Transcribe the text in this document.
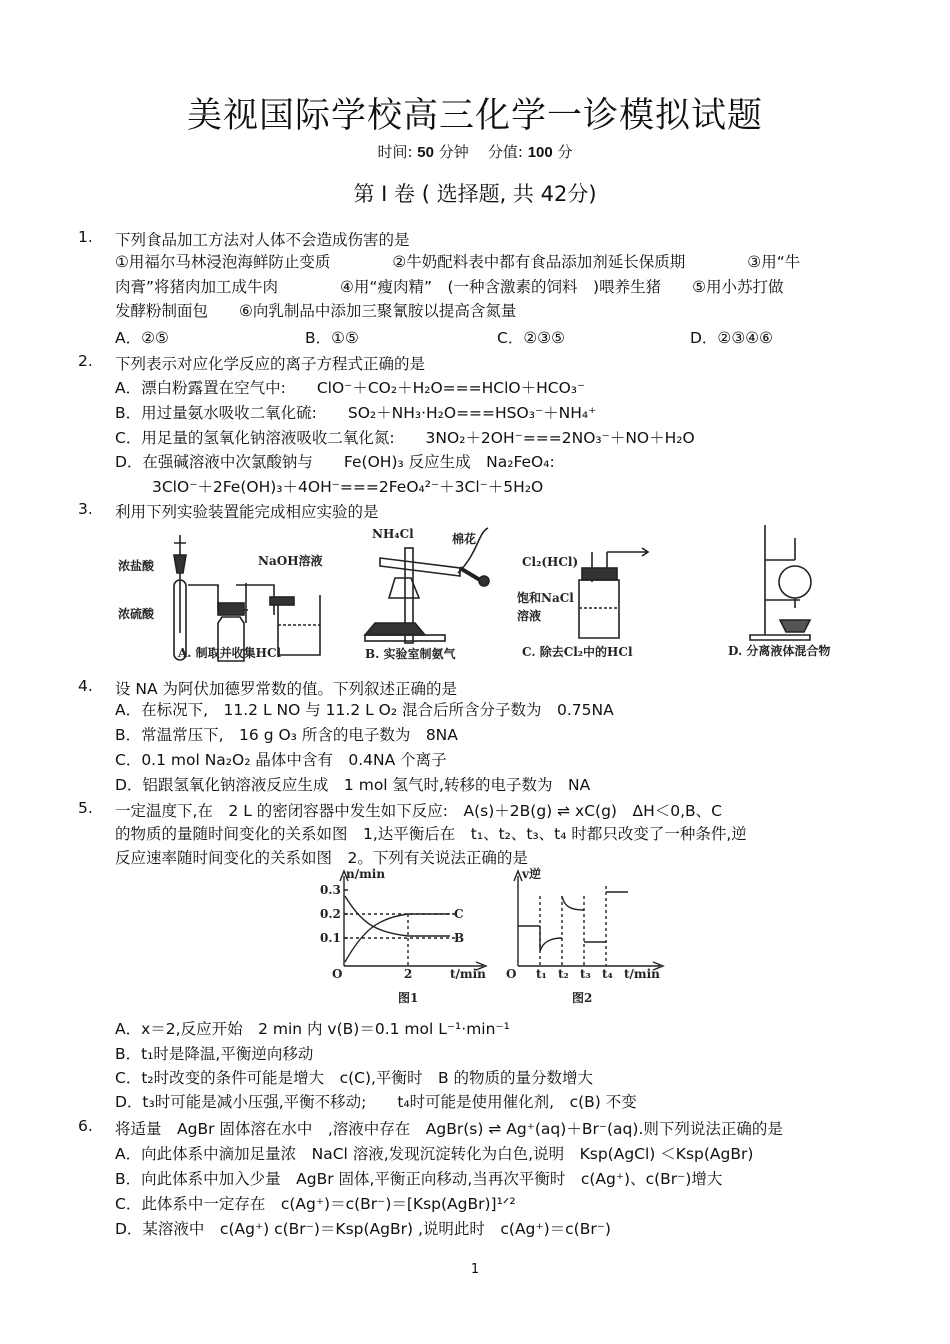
美视国际学校高三化学一诊模拟试题
时间: 50 分钟 分值: 100 分
第 I 卷 ( 选择题, 共 42分)
1. 下列食品加工方法对人体不会造成伤害的是
①用福尔马林浸泡海鲜防止变质　　　　②牛奶配料表中都有食品添加剂延长保质期　　　　③用“牛
肉膏”将猪肉加工成牛肉　　　　④用“瘦肉精”　(一种含激素的饲料　)喂养生猪　　⑤用小苏打做
发酵粉制面包　　⑥向乳制品中添加三聚氰胺以提高含氮量
A．②⑤	B．①⑤	C．②③⑤	D．②③④⑥
2. 下列表示对应化学反应的离子方程式正确的是
A．漂白粉露置在空气中:　　ClO⁻＋CO₂＋H₂O===HClO＋HCO₃⁻
B．用过量氨水吸收二氧化硫:　　SO₂＋NH₃·H₂O===HSO₃⁻＋NH₄⁺
C．用足量的氢氧化钠溶液吸收二氧化氮:　　3NO₂＋2OH⁻===2NO₃⁻＋NO＋H₂O
D．在强碱溶液中次氯酸钠与　　Fe(OH)₃ 反应生成　Na₂FeO₄:
3ClO⁻＋2Fe(OH)₃＋4OH⁻===2FeO₄²⁻＋3Cl⁻＋5H₂O
3. 利用下列实验装置能完成相应实验的是
浓盐酸
浓硫酸
NaOH溶液
A. 制取并收集HCl
NH₄Cl	棉花
B. 实验室制氨气
Cl₂(HCl)
饱和NaCl
溶液
C. 除去Cl₂中的HCl	D. 分离液体混合物
4. 设 NA 为阿伏加德罗常数的值。下列叙述正确的是
A．在标况下,　11.2 L NO 与 11.2 L O₂ 混合后所含分子数为　0.75NA
B．常温常压下,　16 g O₃ 所含的电子数为　8NA
C．0.1 mol Na₂O₂ 晶体中含有　0.4NA 个离子
D．铝跟氢氧化钠溶液反应生成　1 mol 氢气时,转移的电子数为　NA
5. 一定温度下,在　2 L 的密闭容器中发生如下反应:　A(s)＋2B(g) ⇌ xC(g)　ΔH＜0,B、C
的物质的量随时间变化的关系如图　1,达平衡后在　t₁、t₂、t₃、t₄ 时都只改变了一种条件,逆
反应速率随时间变化的关系如图　2。下列有关说法正确的是
n/min
0.3
0.2
0.1
O	2	t/min
C
B
图1
v逆
O t₁ t₂ t₃ t₄ t/min
图2
A．x＝2,反应开始　2 min 内 v(B)＝0.1 mol L⁻¹·min⁻¹
B．t₁时是降温,平衡逆向移动
C．t₂时改变的条件可能是增大　c(C),平衡时　B 的物质的量分数增大
D．t₃时可能是减小压强,平衡不移动;　　t₄时可能是使用催化剂,　c(B) 不变
6. 将适量　AgBr 固体溶在水中　,溶液中存在　AgBr(s) ⇌ Ag⁺(aq)＋Br⁻(aq).则下列说法正确的是
A．向此体系中滴加足量浓　NaCl 溶液,发现沉淀转化为白色,说明　Ksp(AgCl) ＜Ksp(AgBr)
B．向此体系中加入少量　AgBr 固体,平衡正向移动,当再次平衡时　c(Ag⁺)、c(Br⁻)增大
C．此体系中一定存在　c(Ag⁺)＝c(Br⁻)＝[Ksp(AgBr)]¹ᐟ²
D．某溶液中　c(Ag⁺) c(Br⁻)＝Ksp(AgBr) ,说明此时　c(Ag⁺)＝c(Br⁻)
1
